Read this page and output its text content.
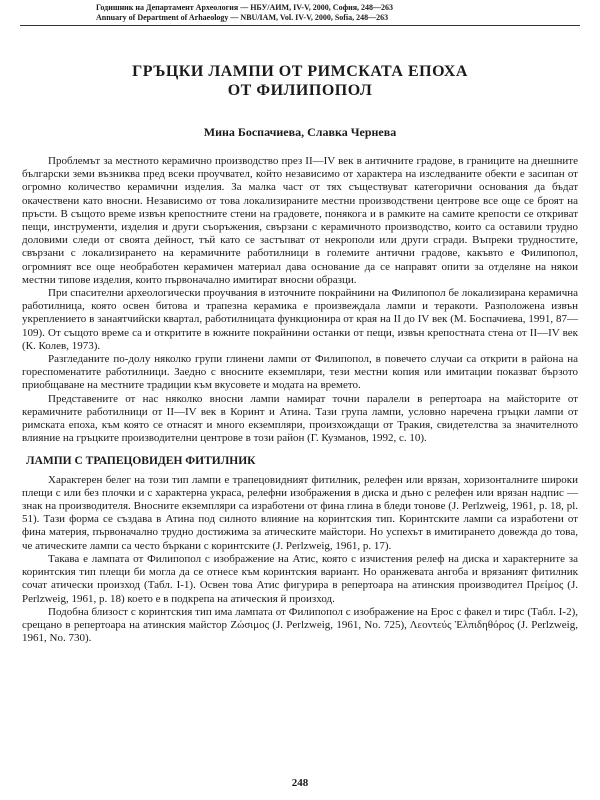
Годишник на Департамент Археология — НБУ/АИМ, IV-V, 2000, София, 248—263
Annuary of Department of Arhaeology — NBU/IAM, Vol. IV-V, 2000, Sofia, 248—263
ГРЪЦКИ ЛАМПИ ОТ РИМСКАТА ЕПОХА
ОТ ФИЛИПОПОЛ
Мина Боспачиева, Славка Чернева

Проблемът за местното керамично производство през II—IV век в античните градове, в границите на днешните български земи възниква пред всеки проучвател, който независимо от характера на изследваните обекти е засипан от огромно количество керамични изделия. За малка част от тях съществуват категорични основания да бъдат окачествени като вносни. Независимо от това локализираните местни производствени центрове все още се броят на пръсти. В същото време извън крепостните стени на градовете, понякога и в рамките на самите крепости се откриват пещи, инструменти, изделия и други съоръжения, свързани с керамичното производство, които са оставили трудно доловими следи от своята дейност, тъй като се застъпват от некрополи или други сгради. Въпреки трудностите, свързани с локализирането на керамичните работилници в големите антични градове, какъвто е Филипопол, огромният все още необработен керамичен материал дава основание да се направят опити за отделяне на някои местни типове изделия, които първоначално имитират вносни образци.

При спасителни археологически проучвания в източните покрайнини на Филипопол бе локализирана керамична работилница, която освен битова и трапезна керамика е произвеждала лампи и теракоти. Разположена извън укреплението в занаятчийски квартал, работилницата функционира от края на II до IV век (М. Боспачиева, 1991, 87—109). От същото време са и откритите в южните покрайнини останки от пещи, извън крепостната стена от II—IV век (К. Колев, 1973).

Разгледаните по-долу няколко групи глинени лампи от Филипопол, в повечето случаи са открити в района на гореспоменатите работилници. Заедно с вносните екземпляри, тези местни копия или имитации показват бързото приобщаване на местните традиции към вкусовете и модата на времето.

Представените от нас няколко вносни лампи намират точни паралели в репертоара на майсторите от керамичните работилници от II—IV век в Коринт и Атина. Тази група лампи, условно наречена гръцки лампи от римската епоха, към която се отнасят и много екземпляри, произхождащи от Тракия, свидетелства за значителното влияние на гръцките производителни центрове в този район (Г. Кузманов, 1992, с. 10).

ЛАМПИ С ТРАПЕЦОВИДЕН ФИТИЛНИК

Характерен белег на този тип лампи е трапецовидният фитилник, релефен или врязан, хоризонталните широки плещи с или без плочки и с характерна украса, релефни изображения в диска и дъно с релефен или врязан надпис — знак на производителя. Вносните екземпляри са изработени от фина глина в бледи тонове (J. Perlzweig, 1961, p. 18, pl. 51). Тази форма се създава в Атина под силното влияние на коринтския тип. Коринтските лампи са изработени от фина материя, първоначално трудно достижима за атическите майстори. Но успехът в имитирането довежда до това, че атическите лампи са често бъркани с коринтските (J. Perlzweig, 1961, p. 17).

Такава е лампата от Филипопол с изображение на Атис, която с изчистения релеф на диска и характерните за коринтския тип плещи би могла да се отнесе към коринтския вариант. Но оранжевата ангоба и врязаният фитилник сочат атически произход (Табл. I-1). Освен това Атис фигурира в репертоара на атинския производител Πρείμος (J. Perlzweig, 1961, p. 18) което е в подкрепа на атическия й произход.

Подобна близост с коринтския тип има лампата от Филипопол с изображение на Ерос с факел и тирс (Табл. I-2), срещано в репертоара на атинския майстор Ζώσιμος (J. Perlzweig, 1961, No. 725), Λεοντεύς Ἐλπιδηθόρος (J. Perlzweig, 1961, No. 730).

248
